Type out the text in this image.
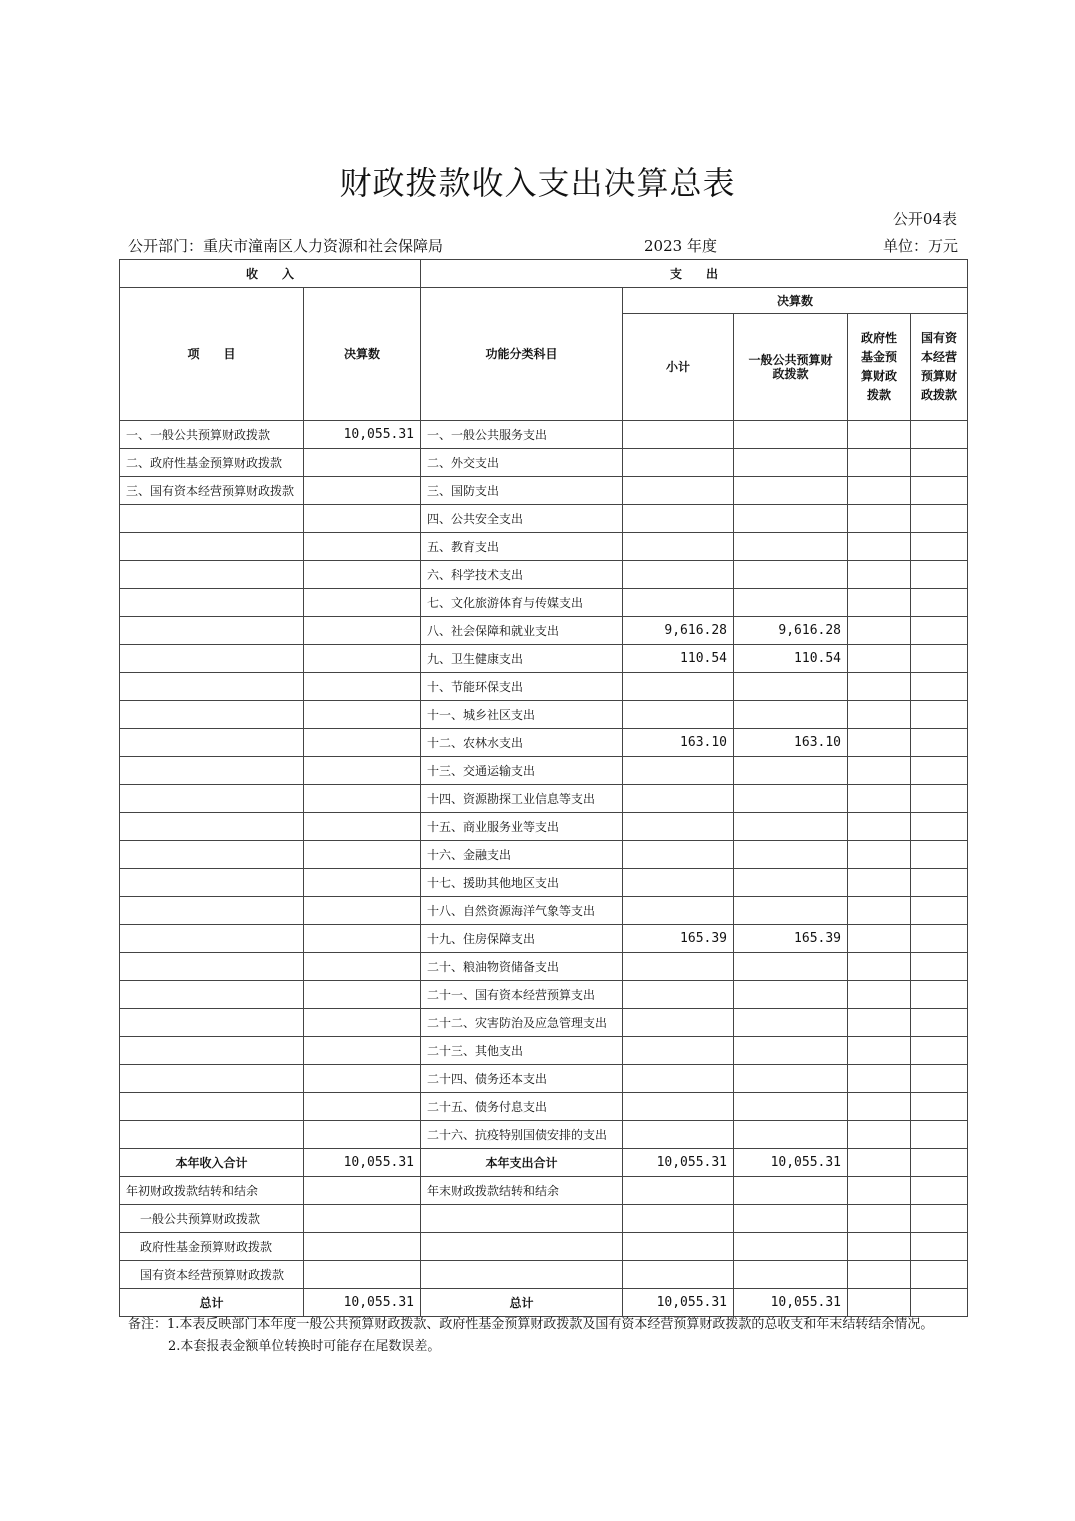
财政拨款收入支出决算总表
公开04表
公开部门：重庆市潼南区人力资源和社会保障局	2023 年度	单位：万元
收　　入		支　　出				
项　　目	决算数	功能分类科目	决算数			
			小计	一般公共预算财政拨款	政府性基金预算财政拨款	国有资本经营预算财政拨款
一、一般公共预算财政拨款	10,055.31	一、一般公共服务支出				
二、政府性基金预算财政拨款		二、外交支出				
三、国有资本经营预算财政拨款		三、国防支出				
		四、公共安全支出				
		五、教育支出				
		六、科学技术支出				
		七、文化旅游体育与传媒支出				
		八、社会保障和就业支出	9,616.28	9,616.28		
		九、卫生健康支出	110.54	110.54		
		十、节能环保支出				
		十一、城乡社区支出				
		十二、农林水支出	163.10	163.10		
		十三、交通运输支出				
		十四、资源勘探工业信息等支出				
		十五、商业服务业等支出				
		十六、金融支出				
		十七、援助其他地区支出				
		十八、自然资源海洋气象等支出				
		十九、住房保障支出	165.39	165.39		
		二十、粮油物资储备支出				
		二十一、国有资本经营预算支出				
		二十二、灾害防治及应急管理支出				
		二十三、其他支出				
		二十四、债务还本支出				
		二十五、债务付息支出				
		二十六、抗疫特别国债安排的支出				
本年收入合计	10,055.31	本年支出合计	10,055.31	10,055.31		
年初财政拨款结转和结余		年末财政拨款结转和结余				
一般公共预算财政拨款						
政府性基金预算财政拨款						
国有资本经营预算财政拨款						
总计	10,055.31	总计	10,055.31	10,055.31		
备注：1.本表反映部门本年度一般公共预算财政拨款、政府性基金预算财政拨款及国有资本经营预算财政拨款的总收支和年末结转结余情况。
2.本套报表金额单位转换时可能存在尾数误差。
